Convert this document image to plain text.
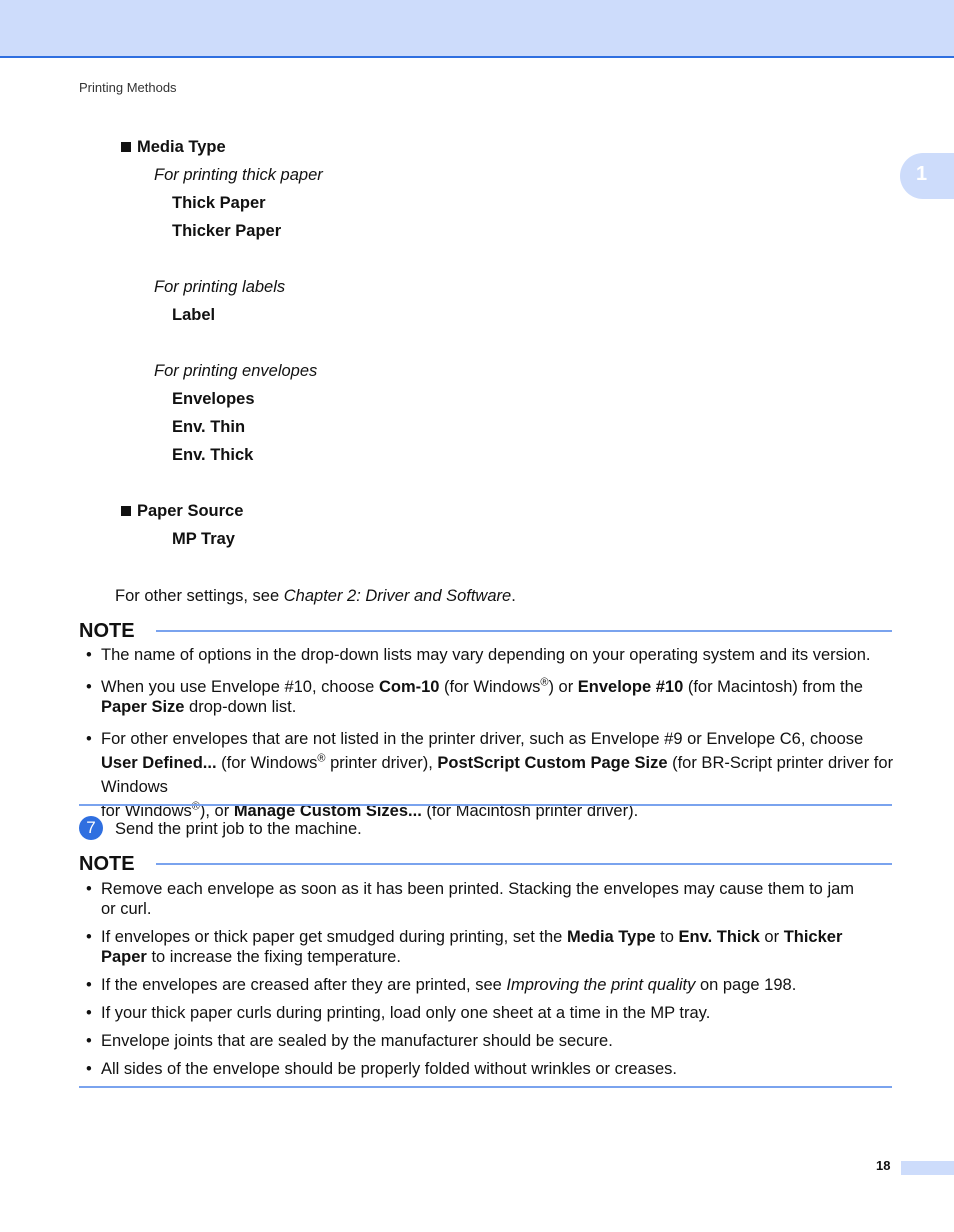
Printing Methods
1
Media Type
For printing thick paper
Thick Paper
Thicker Paper
For printing labels
Label
For printing envelopes
Envelopes
Env. Thin
Env. Thick
Paper Source
MP Tray
For other settings, see Chapter 2: Driver and Software.
NOTE
• The name of options in the drop-down lists may vary depending on your operating system and its version.
• When you use Envelope #10, choose Com-10 (for Windows®) or Envelope #10 (for Macintosh) from the
Paper Size drop-down list.
• For other envelopes that are not listed in the printer driver, such as Envelope #9 or Envelope C6, choose
User Defined... (for Windows® printer driver), PostScript Custom Page Size (for BR-Script printer driver for Windows
for Windows®), or Manage Custom Sizes... (for Macintosh printer driver).
7	Send the print job to the machine.
NOTE
• Remove each envelope as soon as it has been printed. Stacking the envelopes may cause them to jam
or curl.
• If envelopes or thick paper get smudged during printing, set the Media Type to Env. Thick or Thicker
Paper to increase the fixing temperature.
• If the envelopes are creased after they are printed, see Improving the print quality on page 198.
• If your thick paper curls during printing, load only one sheet at a time in the MP tray.
• Envelope joints that are sealed by the manufacturer should be secure.
• All sides of the envelope should be properly folded without wrinkles or creases.
18
